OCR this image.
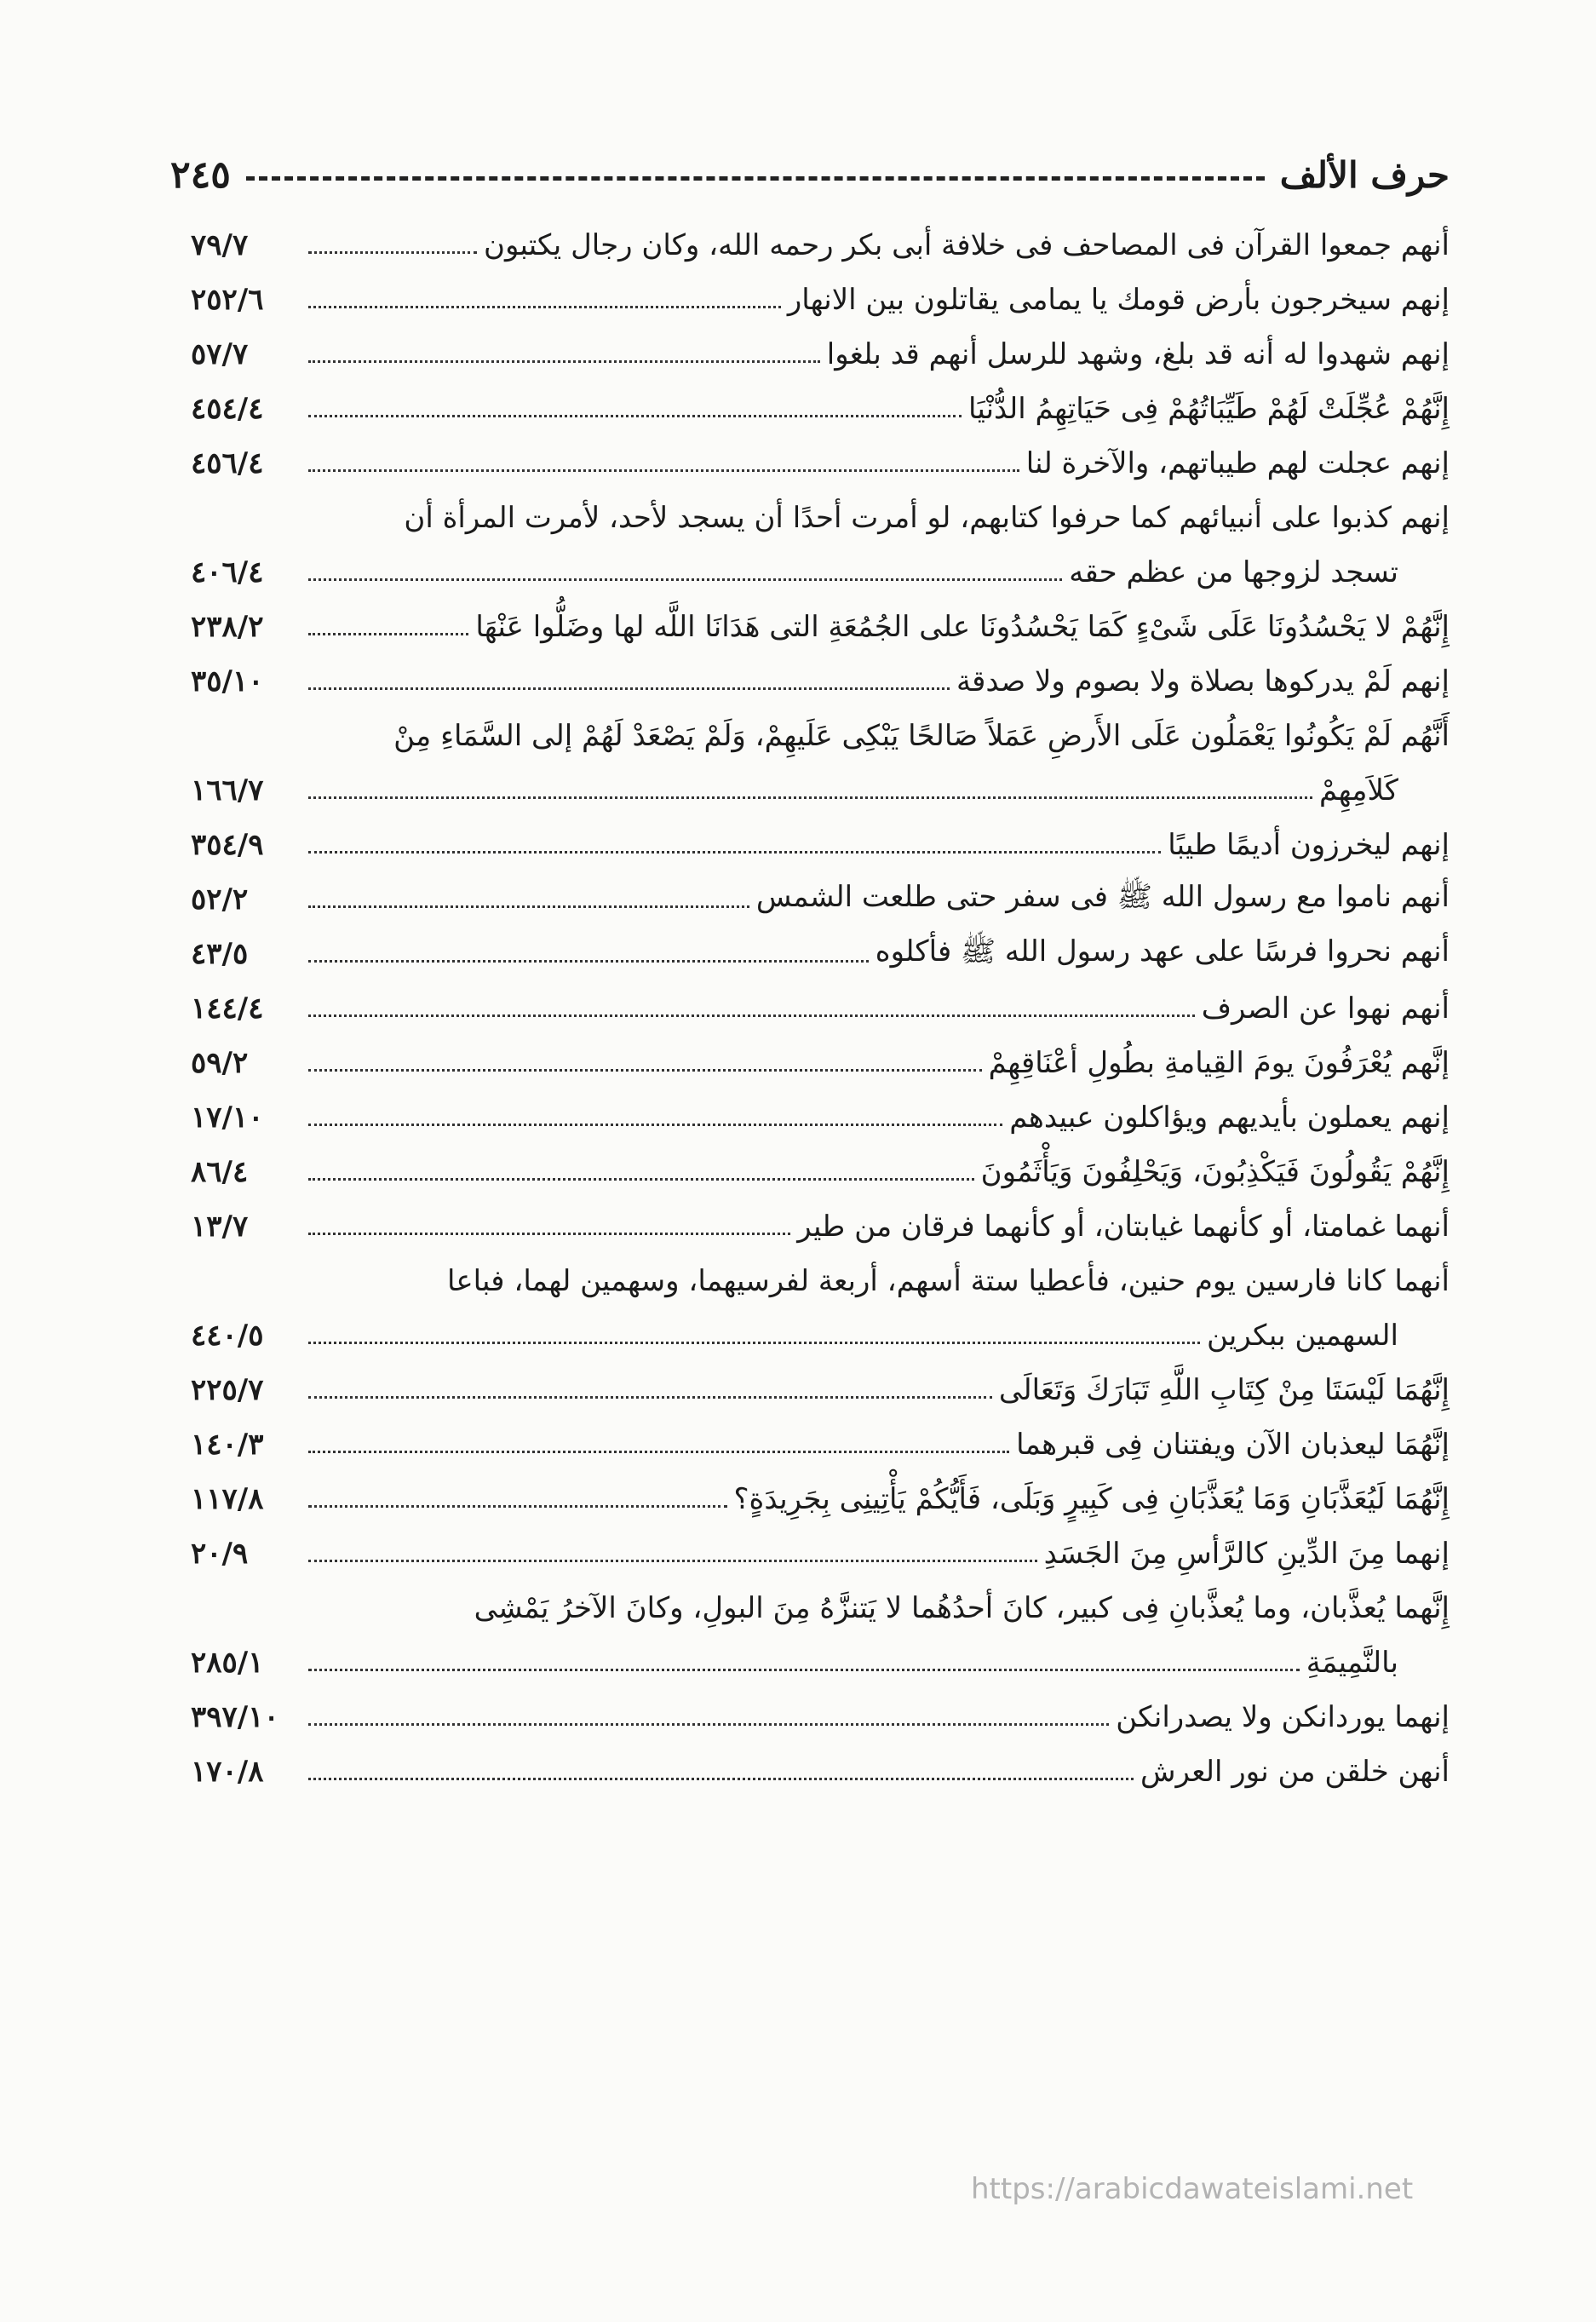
حرف الألف
٢٤٥
أنهم جمعوا القرآن فى المصاحف فى خلافة أبى بكر رحمه الله، وكان رجال يكتبون
٧٩/٧
إنهم سيخرجون بأرض قومك يا يمامى يقاتلون بين الانهار
٢٥٢/٦
إنهم شهدوا له أنه قد بلغ، وشهد للرسل أنهم قد بلغوا
٥٧/٧
إِنَّهُمْ عُجِّلَتْ لَهُمْ طَيِّبَاتُهُمْ فِى حَيَاتِهِمُ الدُّنْيَا
٤٥٤/٤
إنهم عجلت لهم طيباتهم، والآخرة لنا
٤٥٦/٤
إنهم كذبوا على أنبيائهم كما حرفوا كتابهم، لو أمرت أحدًا أن يسجد لأحد، لأمرت المرأة أن
تسجد لزوجها من عظم حقه
٤٠٦/٤
إِنَّهُمْ لا يَحْسُدُونَا عَلَى شَىْءٍ كَمَا يَحْسُدُونَا على الجُمُعَةِ التى هَدَانَا اللَّه لها وضَلُّوا عَنْهَا
٢٣٨/٢
إنهم لَمْ يدركوها بصلاة ولا بصوم ولا صدقة
٣٥/١٠
أَنَّهُم لَمْ يَكُونُوا يَعْمَلُون عَلَى الأَرضِ عَمَلاً صَالحًا يَبْكِى عَلَيهِمْ، وَلَمْ يَصْعَدْ لَهُمْ إلى السَّمَاءِ مِنْ
كَلاَمِهِمْ
١٦٦/٧
إنهم ليخرزون أديمًا طيبًا
٣٥٤/٩
أنهم ناموا مع رسول الله ﷺ فى سفر حتى طلعت الشمس
٥٢/٢
أنهم نحروا فرسًا على عهد رسول الله ﷺ فأكلوه
٤٣/٥
أنهم نهوا عن الصرف
١٤٤/٤
إنَّهم يُعْرَفُونَ يومَ القِيامةِ بطُولِ أعْنَاقِهِمْ
٥٩/٢
إنهم يعملون بأيديهم ويؤاكلون عبيدهم
١٧/١٠
إِنَّهُمْ يَقُولُونَ فَيَكْذِبُونَ، وَيَحْلِفُونَ وَيَأْثَمُونَ
٨٦/٤
أنهما غمامتا، أو كأنهما غيابتان، أو كأنهما فرقان من طير
١٣/٧
أنهما كانا فارسين يوم حنين، فأعطيا ستة أسهم، أربعة لفرسيهما، وسهمين لهما، فباعا
السهمين ببكرين
٤٤٠/٥
إِنَّهُمَا لَيْسَتَا مِنْ كِتَابِ اللَّهِ تَبَارَكَ وَتَعَالَى
٢٢٥/٧
إنَّهُمَا ليعذبان الآن ويفتنان فِى قبرهما
١٤٠/٣
إِنَّهُمَا لَيُعَذَّبَانِ وَمَا يُعَذَّبَانِ فِى كَبِيرٍ وَبَلَى، فَأَيُّكُمْ يَأْتِينِى بِجَرِيدَةٍ؟
١١٧/٨
إنهما مِنَ الدِّينِ كالرَّأسِ مِنَ الجَسَدِ
٢٠/٩
إِنَّهما يُعذَّبان، وما يُعذَّبانِ فِى كبير، كانَ أحدُهُما لا يَتنزَّهُ مِنَ البولِ، وكانَ الآخرُ يَمْشِى
بالنَّمِيمَةِ
٢٨٥/١
إنهما يوردانكن ولا يصدرانكن
٣٩٧/١٠
أنهن خلقن من نور العرش
١٧٠/٨
https://arabicdawateislami.net
